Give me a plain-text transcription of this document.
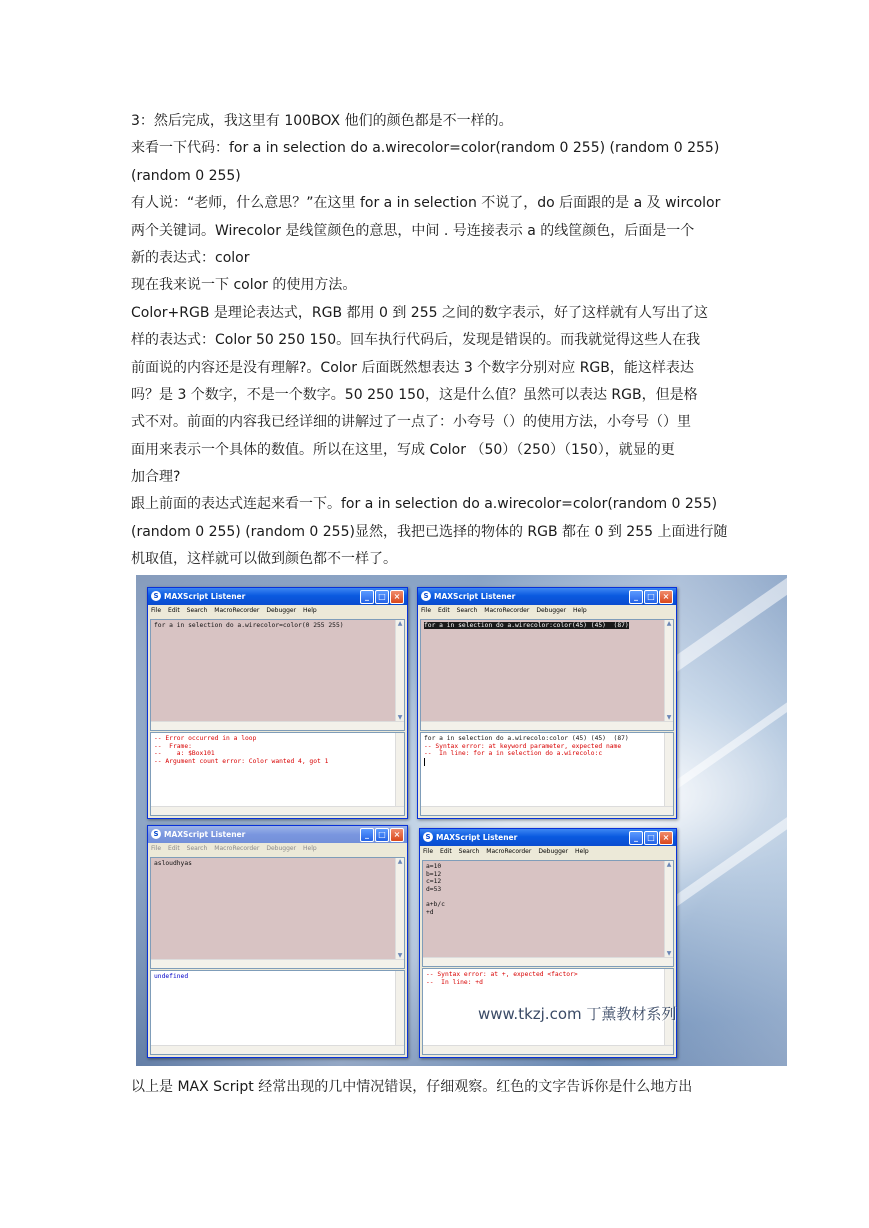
3：然后完成，我这里有 100BOX 他们的颜色都是不一样的。
来看一下代码：for a in selection do a.wirecolor=color(random 0 255) (random 0 255)
(random 0 255)
有人说：“老师，什么意思？”在这里 for a in selection 不说了，do 后面跟的是 a 及 wircolor
两个关键词。Wirecolor 是线筐颜色的意思，中间 . 号连接表示 a 的线筐颜色，后面是一个
新的表达式：color
现在我来说一下 color 的使用方法。
Color+RGB 是理论表达式，RGB 都用 0 到 255 之间的数字表示，好了这样就有人写出了这
样的表达式：Color 50 250 150。回车执行代码后，发现是错误的。而我就觉得这些人在我
前面说的内容还是没有理解?。Color 后面既然想表达 3 个数字分别对应 RGB，能这样表达
吗？是 3 个数字，不是一个数字。50 250 150，这是什么值？虽然可以表达 RGB，但是格
式不对。前面的内容我已经详细的讲解过了一点了：小夸号（）的使用方法，小夸号（）里
面用来表示一个具体的数值。所以在这里，写成 Color （50）（250）（150），就显的更
加合理?
跟上前面的表达式连起来看一下。for a in selection do a.wirecolor=color(random 0 255)
(random 0 255) (random 0 255)显然，我把已选择的物体的 RGB 都在 0 到 255 上面进行随
机取值，这样就可以做到颜色都不一样了。
S MAXScript Listener	_	□ ×
File Edit Search MacroRecorder Debugger Help
for a in selection do a.wirecolor=color(0 255 255)	▲
▼
-- Error occurred in a loop
--  Frame:
--    a: $Box101
-- Argument count error: Color wanted 4, got 1
S MAXScript Listener	_	□ ×
File Edit Search MacroRecorder Debugger Help
for a in selection do a.wirecolor:color(45) (45)  (87)	▲
▼
for a in selection do a.wirecolo:color (45) (45)  (87)
-- Syntax error: at keyword parameter, expected name
--  In line: for a in selection do a.wirecolo:c
S MAXScript Listener	_	□ ×
File Edit Search MacroRecorder Debugger Help
asloudhyas	▲
▼
undefined
S MAXScript Listener	_	□ ×
File Edit Search MacroRecorder Debugger Help
a=10
b=12
c=12
d=53

a+b/c
+d
▲
▼
-- Syntax error: at +, expected <factor>
--  In line: +d
www.tkzj.com 丁薰教材系列
以上是 MAX Script 经常出现的几中情况错误，仔细观察。红色的文字告诉你是什么地方出
